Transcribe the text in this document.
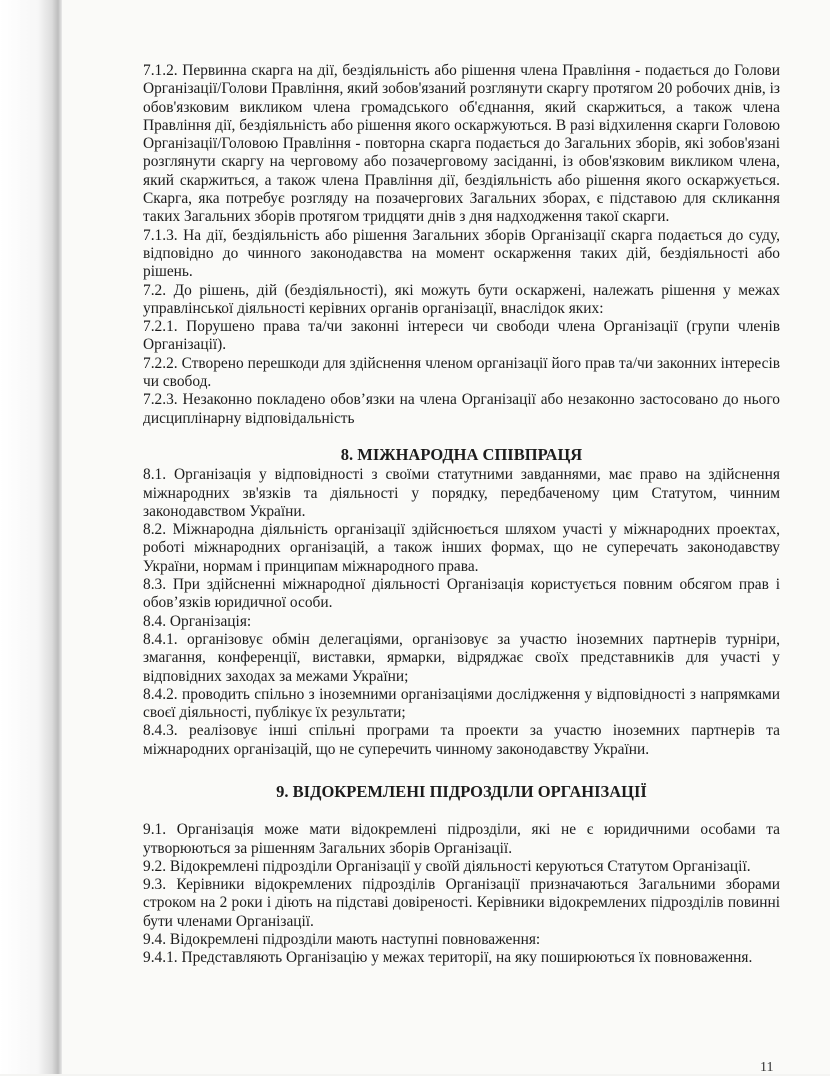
7.1.2. Первинна скарга на дії, бездіяльність або рішення члена Правління - подається до Голови Організації/Голови Правління, який зобов'язаний розглянути скаргу протягом 20 робочих днів, із обов'язковим викликом члена громадського об'єднання, який скаржиться, а також члена Правління дії, бездіяльність або рішення якого оскаржуються. В разі відхилення скарги Головою Організації/Головою Правління - повторна скарга подається до Загальних зборів, які зобов'язані розглянути скаргу на черговому або позачерговому засіданні, із обов'язковим викликом члена, який скаржиться, а також члена Правління дії, бездіяльність або рішення якого оскаржується. Скарга, яка потребує розгляду на позачергових Загальних зборах, є підставою для скликання таких Загальних зборів протягом тридцяти днів з дня надходження такої скарги.

7.1.3. На дії, бездіяльність або рішення Загальних зборів Організації скарга подається до суду, відповідно до чинного законодавства на момент оскарження таких дій, бездіяльності або рішень.

7.2. До рішень, дій (бездіяльності), які можуть бути оскаржені, належать рішення у межах управлінської діяльності керівних органів організації, внаслідок яких:

7.2.1. Порушено права та/чи законні інтереси чи свободи члена Організації (групи членів Організації).

7.2.2. Створено перешкоди для здійснення членом організації його прав та/чи законних інтересів чи свобод.

7.2.3. Незаконно покладено обов’язки на члена Організації або незаконно застосовано до нього дисциплінарну відповідальність

8. МІЖНАРОДНА СПІВПРАЦЯ

8.1. Організація у відповідності з своїми статутними завданнями, має право на здійснення міжнародних зв'язків та діяльності у порядку, передбаченому цим Статутом, чинним законодавством України.

8.2. Міжнародна діяльність організації здійснюється шляхом участі у міжнародних проектах, роботі міжнародних організацій, а також інших формах, що не суперечать законодавству України, нормам і принципам міжнародного права.

8.3. При здійсненні міжнародної діяльності Організація користується повним обсягом прав і обов’язків юридичної особи.

8.4. Організація:

8.4.1. організовує обмін делегаціями, організовує за участю іноземних партнерів турніри, змагання, конференції, виставки, ярмарки, відряджає своїх представників для участі у відповідних заходах за межами України;

8.4.2. проводить спільно з іноземними організаціями дослідження у відповідності з напрямками своєї діяльності, публікує їх результати;

8.4.3. реалізовує інші спільні програми та проекти за участю іноземних партнерів та міжнародних організацій, що не суперечить чинному законодавству України.

9. ВІДОКРЕМЛЕНІ ПІДРОЗДІЛИ ОРГАНІЗАЦІЇ

9.1. Організація може мати відокремлені підрозділи, які не є юридичними особами та утворюються за рішенням Загальних зборів Організації.

9.2. Відокремлені підрозділи Організації у своїй діяльності керуються Статутом Організації.

9.3. Керівники відокремлених підрозділів Організації призначаються Загальними зборами строком на 2 роки і діють на підставі довіреності. Керівники відокремлених підрозділів повинні бути членами Організації.

9.4. Відокремлені підрозділи мають наступні повноваження:

9.4.1. Представляють Організацію у межах території, на яку поширюються їх повноваження.

11
